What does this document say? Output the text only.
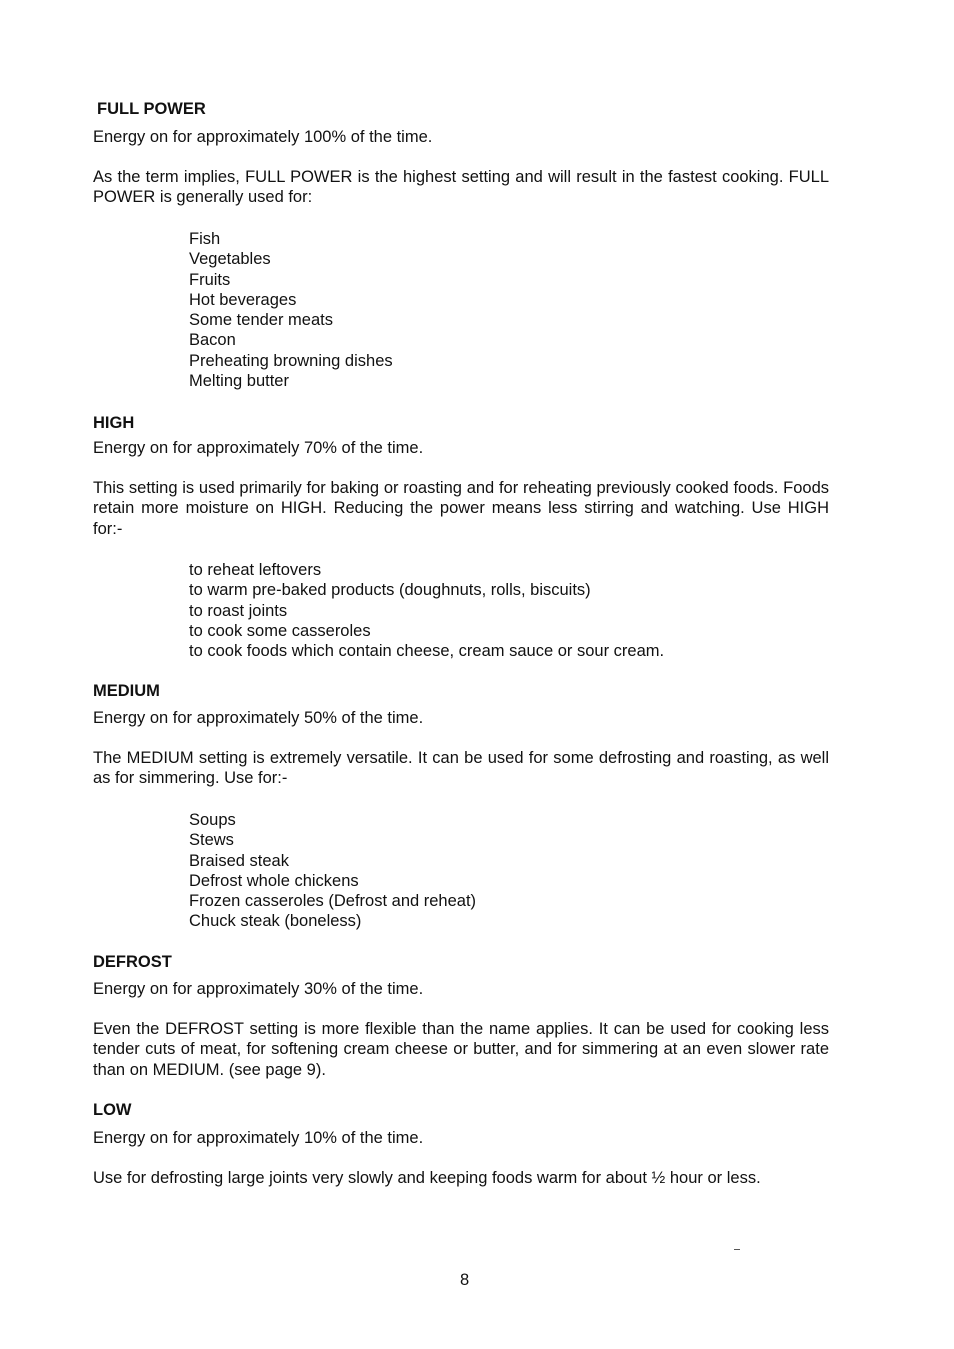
FULL POWER
Energy on for approximately 100% of the time.
As the term implies, FULL POWER is the highest setting and will result in the fastest cooking. FULL POWER is generally used for:
Fish
Vegetables
Fruits
Hot beverages
Some tender meats
Bacon
Preheating browning dishes
Melting butter
HIGH
Energy on for approximately 70% of the time.
This setting is used primarily for baking or roasting and for reheating previously cooked foods. Foods retain more moisture on HIGH. Reducing the power means less stirring and watching. Use HIGH for:-
to reheat leftovers
to warm pre-baked products (doughnuts, rolls, biscuits)
to roast joints
to cook some casseroles
to cook foods which contain cheese, cream sauce or sour cream.
MEDIUM
Energy on for approximately 50% of the time.
The MEDIUM setting is extremely versatile. It can be used for some defrosting and roasting, as well as for simmering. Use for:-
Soups
Stews
Braised steak
Defrost whole chickens
Frozen casseroles (Defrost and reheat)
Chuck steak (boneless)
DEFROST
Energy on for approximately 30% of the time.
Even the DEFROST setting is more flexible than the name applies. It can be used for cooking less tender cuts of meat, for softening cream cheese or butter, and for simmering at an even slower rate than on MEDIUM. (see page 9).
LOW
Energy on for approximately 10% of the time.
Use for defrosting large joints very slowly and keeping foods warm for about ½ hour or less.
8
